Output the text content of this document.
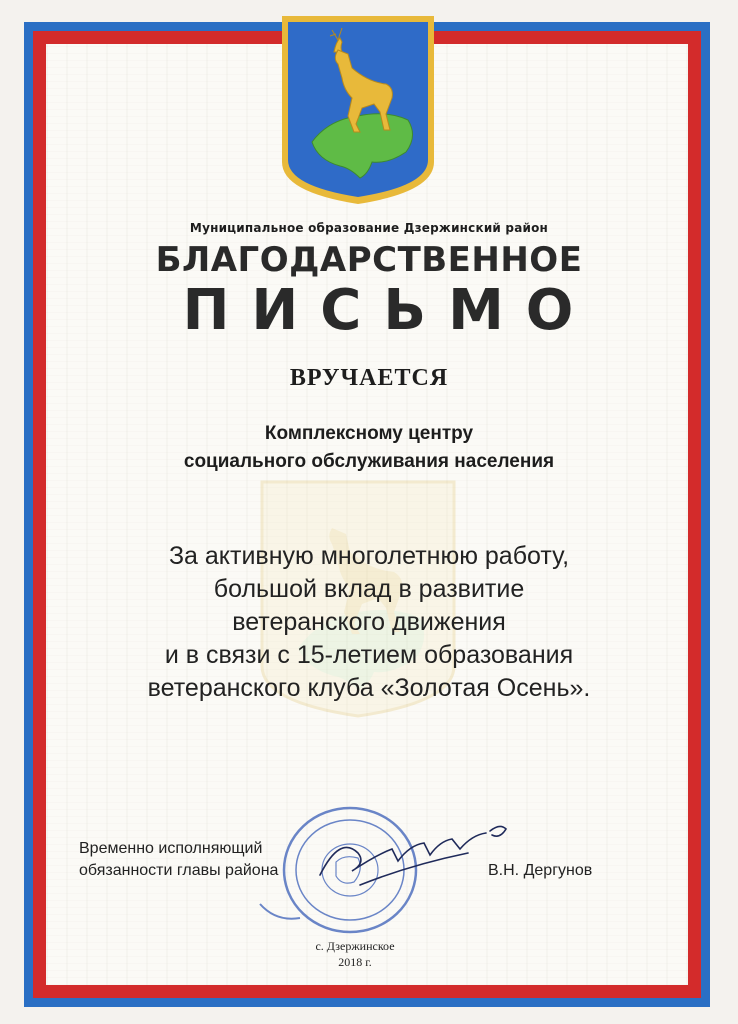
Муниципальное образование Дзержинский район

БЛАГОДАРСТВЕННОЕ

ПИСЬМО

ВРУЧАЕТСЯ

Комплексному центру
социального обслуживания населения
За активную многолетнюю работу,
большой вклад в развитие
ветеранского движения
и в связи с 15-летием образования
ветеранского клуба «Золотая Осень».
Временно исполняющий
обязанности главы района	В.Н. Дергунов

с. Дзержинское
2018 г.
